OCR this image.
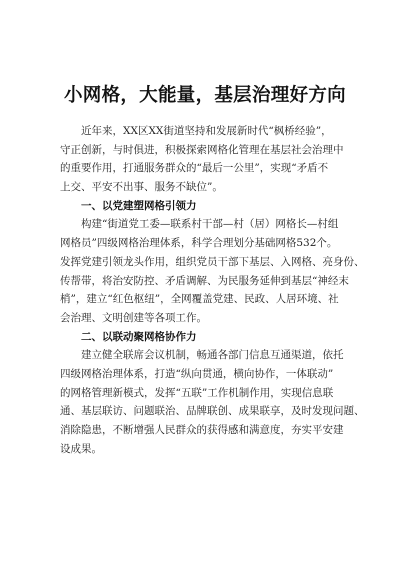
小网格，大能量，基层治理好方向
近年来，XX区XX街道坚持和发展新时代“枫桥经验”，
守正创新，与时俱进，积极探索网格化管理在基层社会治理中
的重要作用，打通服务群众的“最后一公里”，实现“矛盾不
上交、平安不出事、服务不缺位”。
一、以党建塑网格引领力
构建“街道党工委—联系村干部—村（居）网格长—村组
网格员”四级网格治理体系，科学合理划分基础网格532个。
发挥党建引领龙头作用，组织党员干部下基层、入网格、亮身份、
传帮带，将治安防控、矛盾调解、为民服务延伸到基层“神经末
梢”，建立“红色枢纽”，全网覆盖党建、民政、人居环境、社
会治理、文明创建等各项工作。
二、以联动聚网格协作力
建立健全联席会议机制，畅通各部门信息互通渠道，依托
四级网格治理体系，打造“纵向贯通，横向协作，一体联动”
的网格管理新模式，发挥“五联”工作机制作用，实现信息联
通、基层联访、问题联治、品牌联创、成果联享，及时发现问题、
消除隐患，不断增强人民群众的获得感和满意度，夯实平安建
设成果。
